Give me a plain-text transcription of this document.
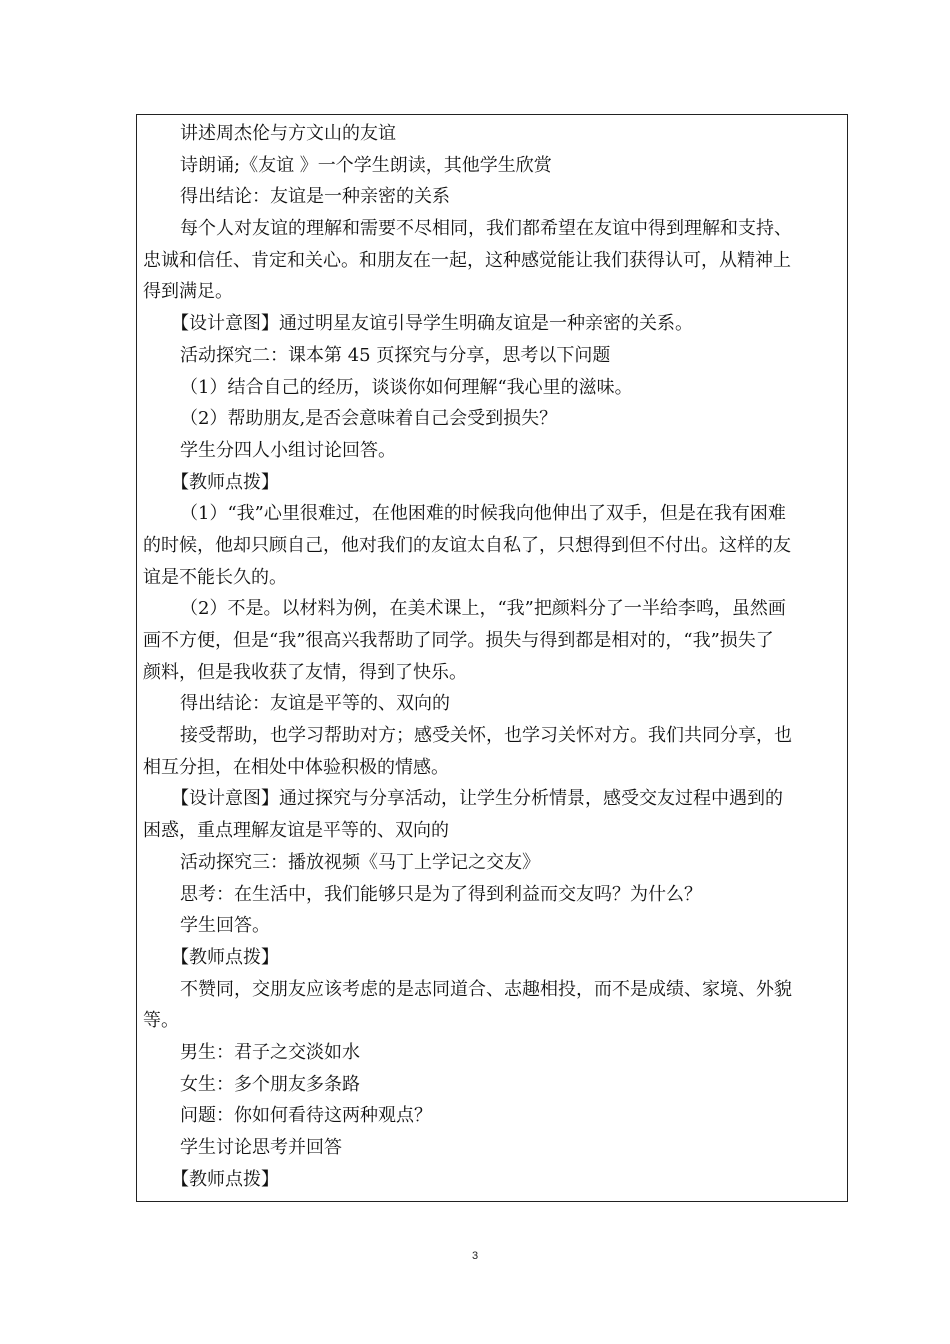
讲述周杰伦与方文山的友谊
诗朗诵;《友谊 》一个学生朗读，其他学生欣赏
得出结论：友谊是一种亲密的关系
每个人对友谊的理解和需要不尽相同，我们都希望在友谊中得到理解和支持、
忠诚和信任、肯定和关心。和朋友在一起，这种感觉能让我们获得认可，从精神上
得到满足。
【设计意图】通过明星友谊引导学生明确友谊是一种亲密的关系。
活动探究二：课本第 45 页探究与分享，思考以下问题
（1）结合自己的经历，谈谈你如何理解“我心里的滋味。
（2）帮助朋友,是否会意味着自己会受到损失？
学生分四人小组讨论回答。
【教师点拨】
（1）“我”心里很难过，在他困难的时候我向他伸出了双手，但是在我有困难
的时候，他却只顾自己，他对我们的友谊太自私了，只想得到但不付出。这样的友
谊是不能长久的。
（2）不是。以材料为例，在美术课上，“我”把颜料分了一半给李鸣，虽然画
画不方便，但是“我”很高兴我帮助了同学。损失与得到都是相对的，“我”损失了
颜料，但是我收获了友情，得到了快乐。
得出结论：友谊是平等的、双向的
接受帮助，也学习帮助对方；感受关怀，也学习关怀对方。我们共同分享，也
相互分担，在相处中体验积极的情感。
【设计意图】通过探究与分享活动，让学生分析情景，感受交友过程中遇到的
困惑，重点理解友谊是平等的、双向的
活动探究三：播放视频《马丁上学记之交友》
思考：在生活中，我们能够只是为了得到利益而交友吗？为什么？
学生回答。
【教师点拨】
不赞同，交朋友应该考虑的是志同道合、志趣相投，而不是成绩、家境、外貌
等。
男生：君子之交淡如水
女生：多个朋友多条路
问题：你如何看待这两种观点？
学生讨论思考并回答
【教师点拨】
3
